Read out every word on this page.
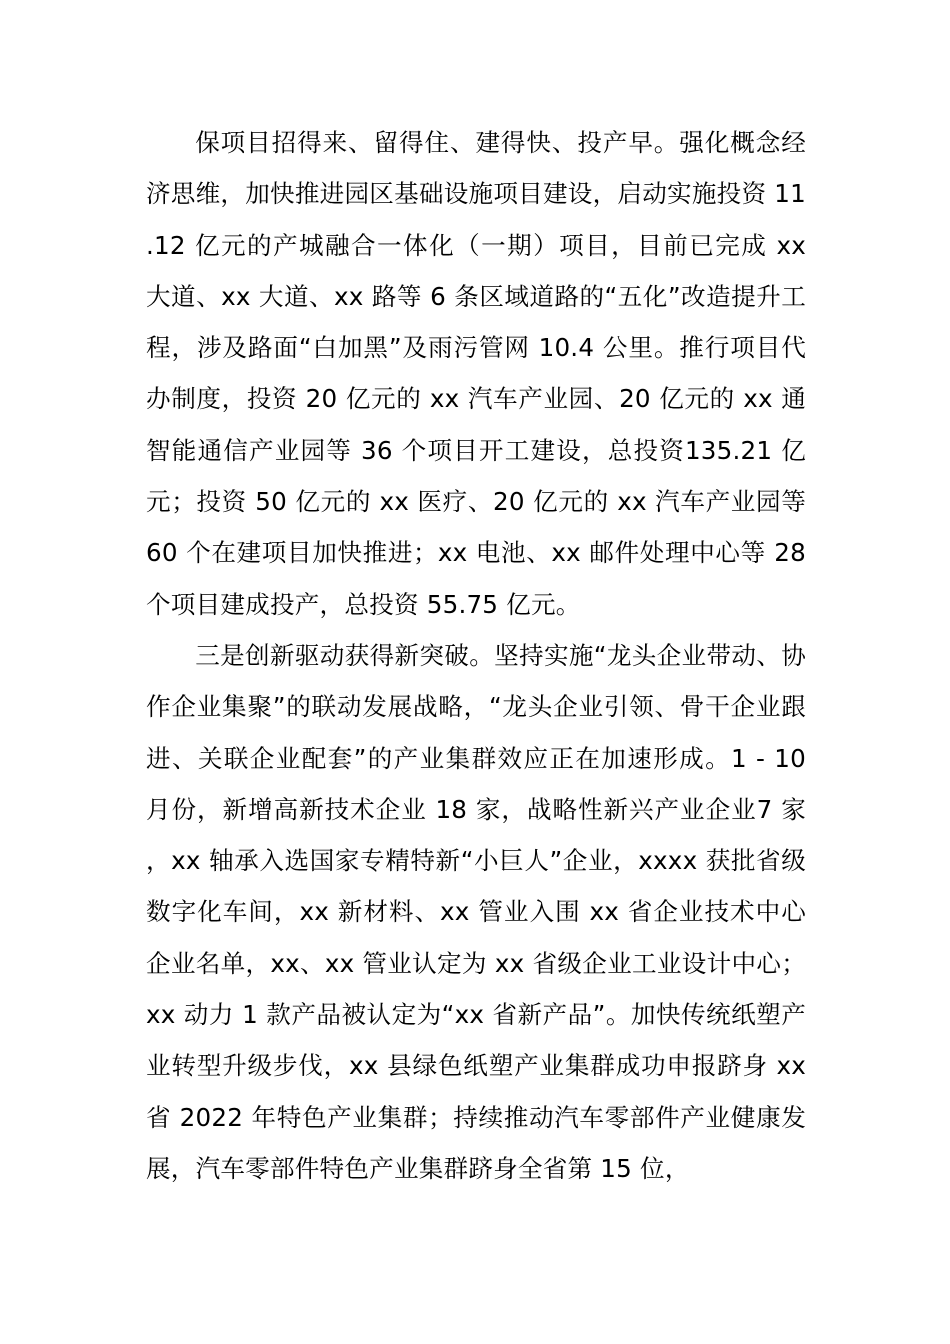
保项目招得来、留得住、建得快、投产早。强化概念经济思维，加快推进园区基础设施项目建设，启动实施投资 11.12 亿元的产城融合一体化（一期）项目，目前已完成 xx 大道、xx 大道、xx 路等 6 条区域道路的“五化”改造提升工程，涉及路面“白加黑”及雨污管网 10.4 公里。推行项目代办制度，投资 20 亿元的 xx 汽车产业园、20 亿元的 xx 通智能通信产业园等 36 个项目开工建设，总投资135.21 亿元；投资 50 亿元的 xx 医疗、20 亿元的 xx 汽车产业园等 60 个在建项目加快推进；xx 电池、xx 邮件处理中心等 28 个项目建成投产，总投资 55.75 亿元。

三是创新驱动获得新突破。坚持实施“龙头企业带动、协作企业集聚”的联动发展战略，“龙头企业引领、骨干企业跟进、关联企业配套”的产业集群效应正在加速形成。1 - 10 月份，新增高新技术企业 18 家，战略性新兴产业企业7 家，xx 轴承入选国家专精特新“小巨人”企业，xxxx 获批省级数字化车间，xx 新材料、xx 管业入围 xx 省企业技术中心企业名单，xx、xx 管业认定为 xx 省级企业工业设计中心；xx 动力 1 款产品被认定为“xx 省新产品”。加快传统纸塑产业转型升级步伐，xx 县绿色纸塑产业集群成功申报跻身 xx 省 2022 年特色产业集群；持续推动汽车零部件产业健康发展，汽车零部件特色产业集群跻身全省第 15 位，
